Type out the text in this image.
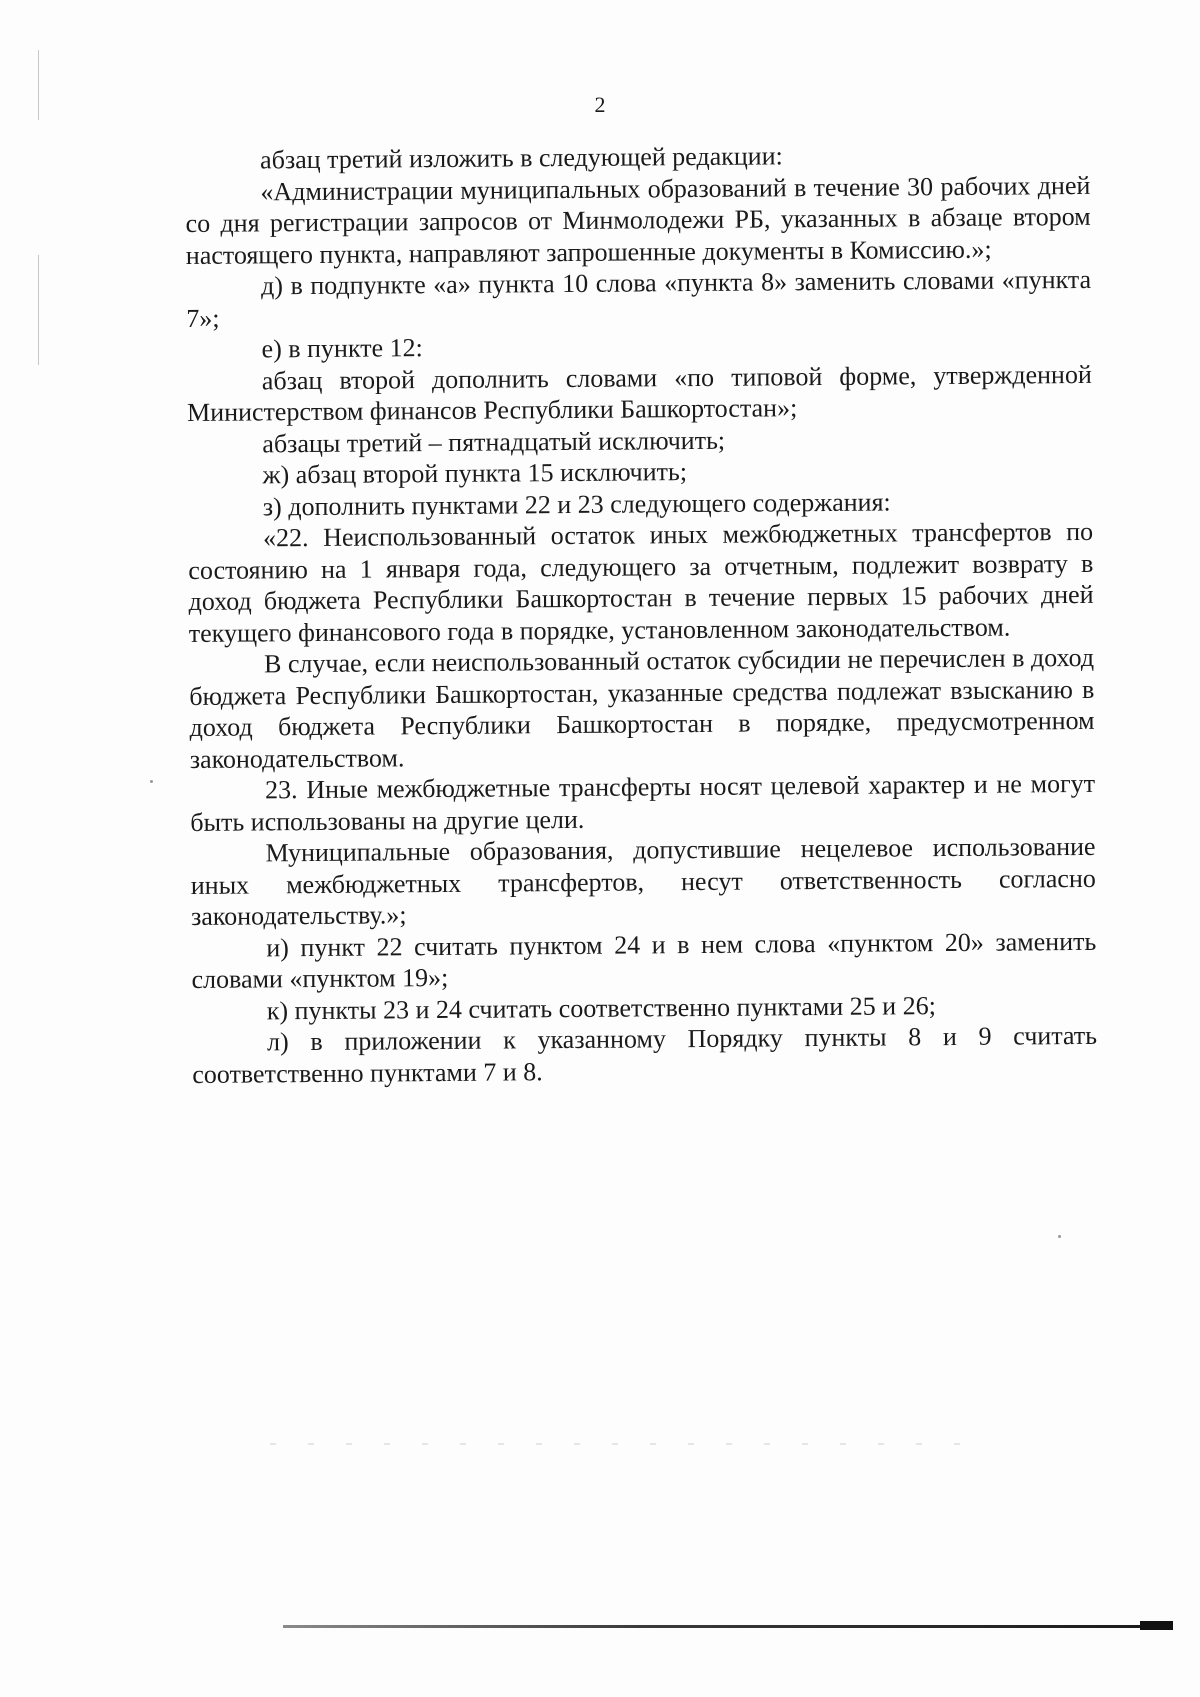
2

абзац третий изложить в следующей редакции:

«Администрации муниципальных образований в течение 30 рабочих дней со дня регистрации запросов от Минмолодежи РБ, указанных в абзаце втором настоящего пункта, направляют запрошенные документы в Комиссию.»;

д) в подпункте «а» пункта 10 слова «пункта 8» заменить словами «пункта 7»;

е) в пункте 12:

абзац второй дополнить словами «по типовой форме, утвержденной Министерством финансов Республики Башкортостан»;

абзацы третий – пятнадцатый исключить;

ж) абзац второй пункта 15 исключить;

з) дополнить пунктами 22 и 23 следующего содержания:

«22. Неиспользованный остаток иных межбюджетных трансфертов по состоянию на 1 января года, следующего за отчетным, подлежит возврату в доход бюджета Республики Башкортостан в течение первых 15 рабочих дней текущего финансового года в порядке, установленном законодательством.

В случае, если неиспользованный остаток субсидии не перечислен в доход бюджета Республики Башкортостан, указанные средства подлежат взысканию в доход бюджета Республики Башкортостан в порядке, предусмотренном законодательством.

23. Иные межбюджетные трансферты носят целевой характер и не могут быть использованы на другие цели.

Муниципальные образования, допустившие нецелевое использование иных межбюджетных трансфертов, несут ответственность согласно законодательству.»;

и) пункт 22 считать пунктом 24 и в нем слова «пунктом 20» заменить словами «пунктом 19»;

к) пункты 23 и 24 считать соответственно пунктами 25 и 26;

л) в приложении к указанному Порядку пункты 8 и 9 считать соответственно пунктами 7 и 8.
